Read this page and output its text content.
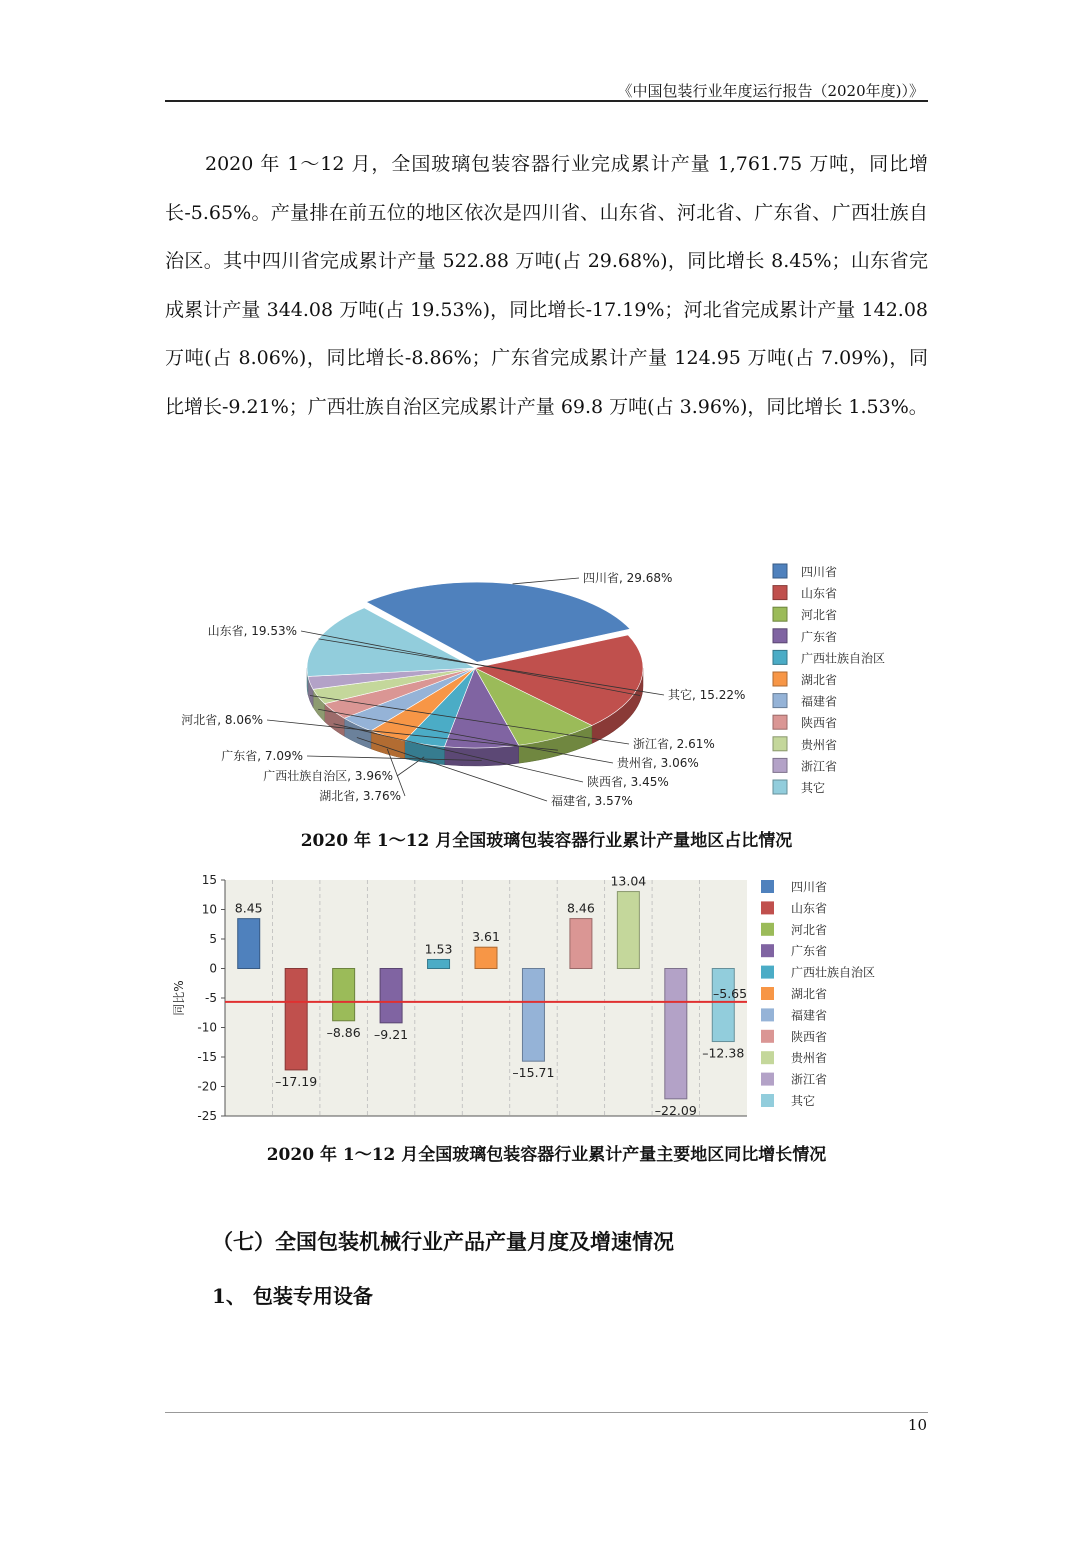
《中国包装行业年度运行报告（2020年度)）》

2020 年 1～12 月，全国玻璃包装容器行业完成累计产量 1,761.75 万吨，同比增长-5.65%。产量排在前五位的地区依次是四川省、山东省、河北省、广东省、广西壮族自治区。其中四川省完成累计产量 522.88 万吨(占 29.68%)，同比增长 8.45%；山东省完成累计产量 344.08 万吨(占 19.53%)，同比增长-17.19%；河北省完成累计产量 142.08 万吨(占 8.06%)，同比增长-8.86%；广东省完成累计产量 124.95 万吨(占 7.09%)，同比增长-9.21%；广西壮族自治区完成累计产量 69.8 万吨(占 3.96%)，同比增长 1.53%。

四川省, 29.68%
山东省, 19.53%
河北省, 8.06%
广东省, 7.09%
广西壮族自治区, 3.96%
湖北省, 3.76%	福建省, 3.57%
陕西省, 3.45%
贵州省, 3.06%
浙江省, 2.61%
其它, 15.22%
四川省
山东省
河北省
广东省
广西壮族自治区
湖北省
福建省
陕西省
贵州省
浙江省
其它
2020 年 1～12 月全国玻璃包装容器行业累计产量地区占比情况
15
10
5
0
-5
-10
-15
-20
-25
同比%
8.45
–17.19
–8.86 –9.21
1.53
3.61
–15.71
8.46
13.04
–22.09
–12.38
–5.65
四川省
山东省
河北省
广东省
广西壮族自治区
湖北省
福建省
陕西省
贵州省
浙江省
其它
2020 年 1～12 月全国玻璃包装容器行业累计产量主要地区同比增长情况
（七）全国包装机械行业产品产量月度及增速情况
1、 包装专用设备
10
